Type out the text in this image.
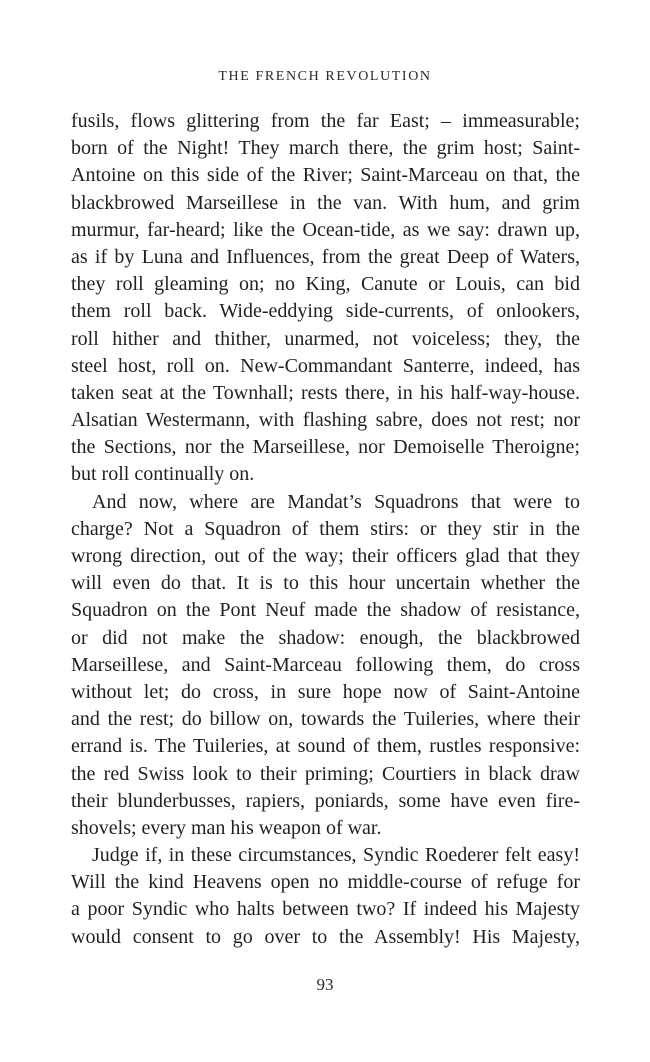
THE FRENCH REVOLUTION

fusils, flows glittering from the far East; – immeasurable;
born of the Night! They march there, the grim host; Saint-
Antoine on this side of the River; Saint-Marceau on that, the
blackbrowed Marseillese in the van. With hum, and grim
murmur, far-heard; like the Ocean-tide, as we say: drawn up,
as if by Luna and Influences, from the great Deep of Waters,
they roll gleaming on; no King, Canute or Louis, can bid
them roll back. Wide-eddying side-currents, of onlookers,
roll hither and thither, unarmed, not voiceless; they, the
steel host, roll on. New-Commandant Santerre, indeed, has
taken seat at the Townhall; rests there, in his half-way-house.
Alsatian Westermann, with flashing sabre, does not rest; nor
the Sections, nor the Marseillese, nor Demoiselle Theroigne;
but roll continually on.

And now, where are Mandat’s Squadrons that were to
charge? Not a Squadron of them stirs: or they stir in the
wrong direction, out of the way; their officers glad that they
will even do that. It is to this hour uncertain whether the
Squadron on the Pont Neuf made the shadow of resistance,
or did not make the shadow: enough, the blackbrowed
Marseillese, and Saint-Marceau following them, do cross
without let; do cross, in sure hope now of Saint-Antoine
and the rest; do billow on, towards the Tuileries, where their
errand is. The Tuileries, at sound of them, rustles responsive:
the red Swiss look to their priming; Courtiers in black draw
their blunderbusses, rapiers, poniards, some have even fire-
shovels; every man his weapon of war.

Judge if, in these circumstances, Syndic Roederer felt easy!
Will the kind Heavens open no middle-course of refuge for
a poor Syndic who halts between two? If indeed his Majesty
would consent to go over to the Assembly! His Majesty,

93
